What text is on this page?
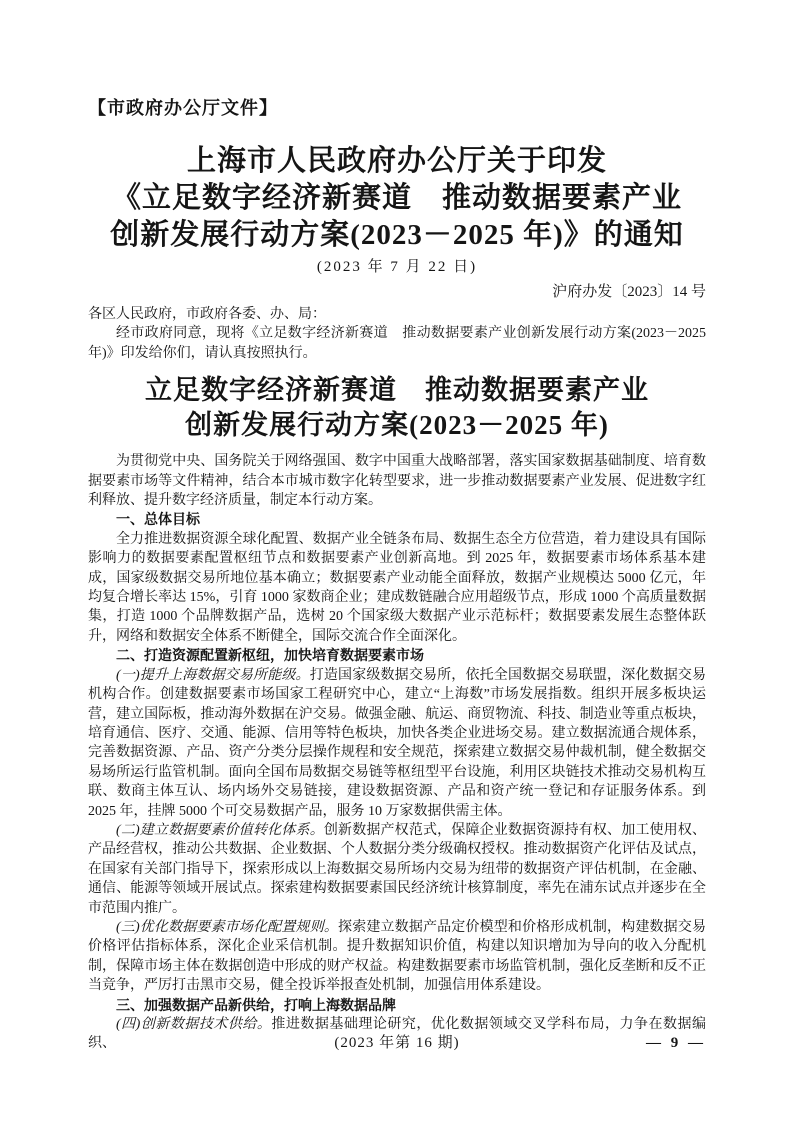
【市政府办公厅文件】
上海市人民政府办公厅关于印发
《立足数字经济新赛道　推动数据要素产业
创新发展行动方案(2023－2025 年)》的通知
(2023 年 7 月 22 日)
沪府办发〔2023〕14 号
各区人民政府，市政府各委、办、局：

经市政府同意，现将《立足数字经济新赛道　推动数据要素产业创新发展行动方案(2023－2025 年)》印发给你们，请认真按照执行。

立足数字经济新赛道　推动数据要素产业
创新发展行动方案(2023－2025 年)

为贯彻党中央、国务院关于网络强国、数字中国重大战略部署，落实国家数据基础制度、培育数据要素市场等文件精神，结合本市城市数字化转型要求，进一步推动数据要素产业发展、促进数字红利释放、提升数字经济质量，制定本行动方案。

一、总体目标

全力推进数据资源全球化配置、数据产业全链条布局、数据生态全方位营造，着力建设具有国际影响力的数据要素配置枢纽节点和数据要素产业创新高地。到 2025 年，数据要素市场体系基本建成，国家级数据交易所地位基本确立；数据要素产业动能全面释放，数据产业规模达 5000 亿元，年均复合增长率达 15%，引育 1000 家数商企业；建成数链融合应用超级节点，形成 1000 个高质量数据集，打造 1000 个品牌数据产品，选树 20 个国家级大数据产业示范标杆；数据要素发展生态整体跃升，网络和数据安全体系不断健全，国际交流合作全面深化。

二、打造资源配置新枢纽，加快培育数据要素市场

(一)提升上海数据交易所能级。打造国家级数据交易所，依托全国数据交易联盟，深化数据交易机构合作。创建数据要素市场国家工程研究中心，建立“上海数”市场发展指数。组织开展多板块运营，建立国际板，推动海外数据在沪交易。做强金融、航运、商贸物流、科技、制造业等重点板块，培育通信、医疗、交通、能源、信用等特色板块，加快各类企业进场交易。建立数据流通合规体系，完善数据资源、产品、资产分类分层操作规程和安全规范，探索建立数据交易仲裁机制，健全数据交易场所运行监管机制。面向全国布局数据交易链等枢纽型平台设施，利用区块链技术推动交易机构互联、数商主体互认、场内场外交易链接，建设数据资源、产品和资产统一登记和存证服务体系。到 2025 年，挂牌 5000 个可交易数据产品，服务 10 万家数据供需主体。

(二)建立数据要素价值转化体系。创新数据产权范式，保障企业数据资源持有权、加工使用权、产品经营权，推动公共数据、企业数据、个人数据分类分级确权授权。推动数据资产化评估及试点，在国家有关部门指导下，探索形成以上海数据交易所场内交易为纽带的数据资产评估机制，在金融、通信、能源等领域开展试点。探索建构数据要素国民经济统计核算制度，率先在浦东试点并逐步在全市范围内推广。

(三)优化数据要素市场化配置规则。探索建立数据产品定价模型和价格形成机制，构建数据交易价格评估指标体系，深化企业采信机制。提升数据知识价值，构建以知识增加为导向的收入分配机制，保障市场主体在数据创造中形成的财产权益。构建数据要素市场监管机制，强化反垄断和反不正当竞争，严厉打击黑市交易，健全投诉举报查处机制，加强信用体系建设。

三、加强数据产品新供给，打响上海数据品牌

(四)创新数据技术供给。推进数据基础理论研究，优化数据领域交叉学科布局，力争在数据编织、	(2023 年第 16 期)	— 9 —
